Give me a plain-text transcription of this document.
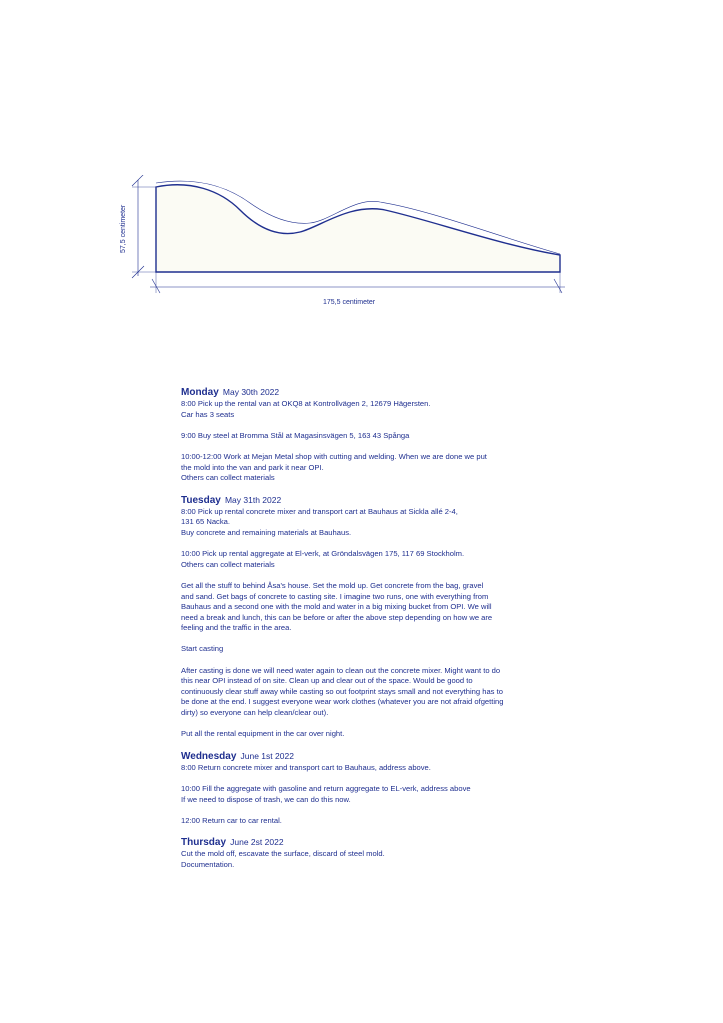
57,5 centimeter
175,5 centimeter

Monday May 30th 2022

8:00 Pick up the rental van at OKQ8 at Kontrollvägen 2, 12679 Hägersten.
Car has 3 seats

9:00 Buy steel at Bromma Stål at Magasinsvägen 5, 163 43 Spånga

10:00-12:00 Work at Mejan Metal shop with cutting and welding. When we are done we put
the mold into the van and park it near OPI.
Others can collect materials

Tuesday May 31th 2022

8:00 Pick up rental concrete mixer and transport cart at Bauhaus at Sickla allé 2-4,
131 65 Nacka.
Buy concrete and remaining materials at Bauhaus.

10:00 Pick up rental aggregate at El-verk, at Gröndalsvägen 175, 117 69 Stockholm.
Others can collect materials

Get all the stuff to behind Åsa's house. Set the mold up. Get concrete from the bag, gravel
and sand. Get bags of concrete to casting site. I imagine two runs, one with everything from
Bauhaus and a second one with the mold and water in a big mixing bucket from OPI. We will
need a break and lunch, this can be before or after the above step depending on how we are
feeling and the traffic in the area.

Start casting

After casting is done we will need water again to clean out the concrete mixer. Might want to do
this near OPI instead of on site. Clean up and clear out of the space. Would be good to
continuously clear stuff away while casting so out footprint stays small and not everything has to
be done at the end. I suggest everyone wear work clothes (whatever you are not afraid ofgetting
dirty) so everyone can help clean/clear out).

Put all the rental equipment in the car over night.

Wednesday June 1st 2022

8:00 Return concrete mixer and transport cart to Bauhaus, address above.

10:00 Fill the aggregate with gasoline and return aggregate to EL-verk, address above
If we need to dispose of trash, we can do this now.

12:00 Return car to car rental.

Thursday June 2st 2022

Cut the mold off, escavate the surface, discard of steel mold.
Documentation.
